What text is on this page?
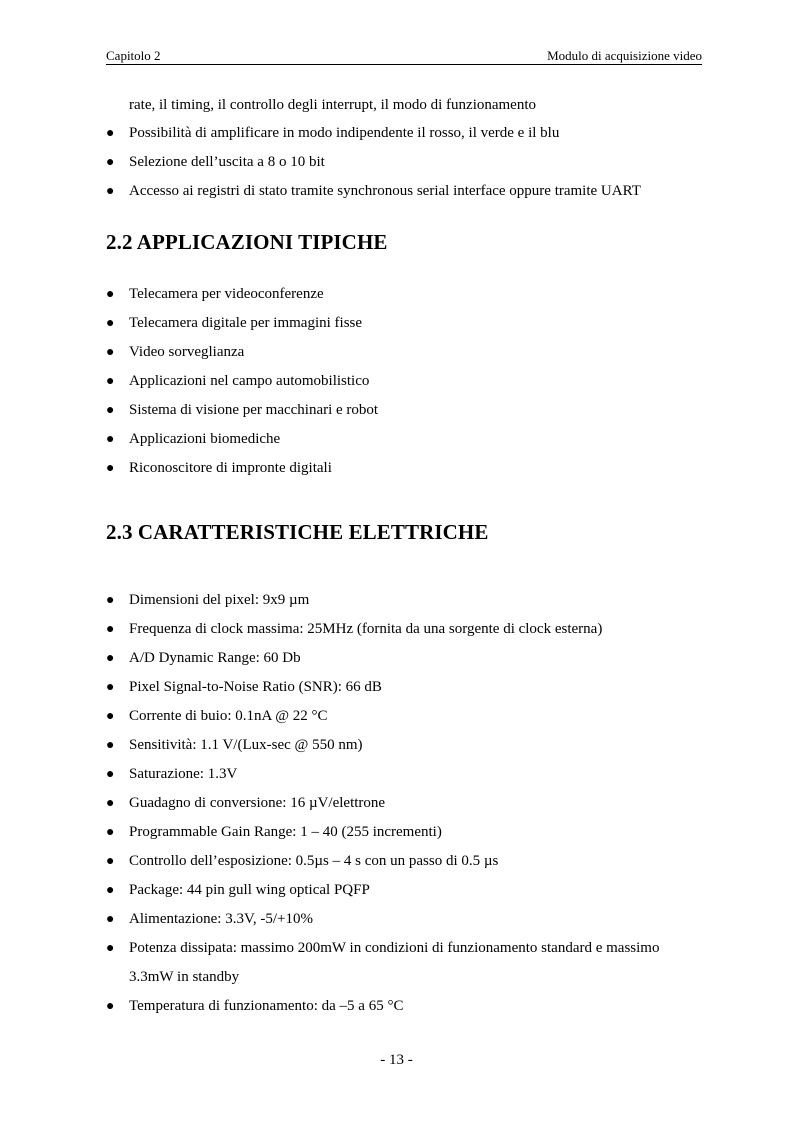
Capitolo 2	Modulo di acquisizione video
rate, il timing, il controllo degli interrupt, il modo di funzionamento
● Possibilità di amplificare in modo indipendente il rosso, il verde e il blu
● Selezione dell’uscita a 8 o 10 bit
● Accesso ai registri di stato tramite synchronous serial interface oppure tramite UART
2.2 APPLICAZIONI TIPICHE
● Telecamera per videoconferenze
● Telecamera digitale per immagini fisse
● Video sorveglianza
● Applicazioni nel campo automobilistico
● Sistema di visione per macchinari e robot
● Applicazioni biomediche
● Riconoscitore di impronte digitali
2.3 CARATTERISTICHE ELETTRICHE
● Dimensioni del pixel: 9x9 µm
● Frequenza di clock massima: 25MHz (fornita da una sorgente di clock esterna)
● A/D Dynamic Range: 60 Db
● Pixel Signal-to-Noise Ratio (SNR): 66 dB
● Corrente di buio: 0.1nA @ 22 °C
● Sensitività: 1.1 V/(Lux-sec @ 550 nm)
● Saturazione: 1.3V
● Guadagno di conversione: 16 µV/elettrone
● Programmable Gain Range: 1 – 40 (255 incrementi)
● Controllo dell’esposizione: 0.5µs – 4 s con un passo di 0.5 µs
● Package: 44 pin gull wing optical PQFP
● Alimentazione: 3.3V, -5/+10%
● Potenza dissipata: massimo 200mW in condizioni di funzionamento standard e massimo 3.3mW in standby
● Temperatura di funzionamento: da –5 a 65 °C
- 13 -
